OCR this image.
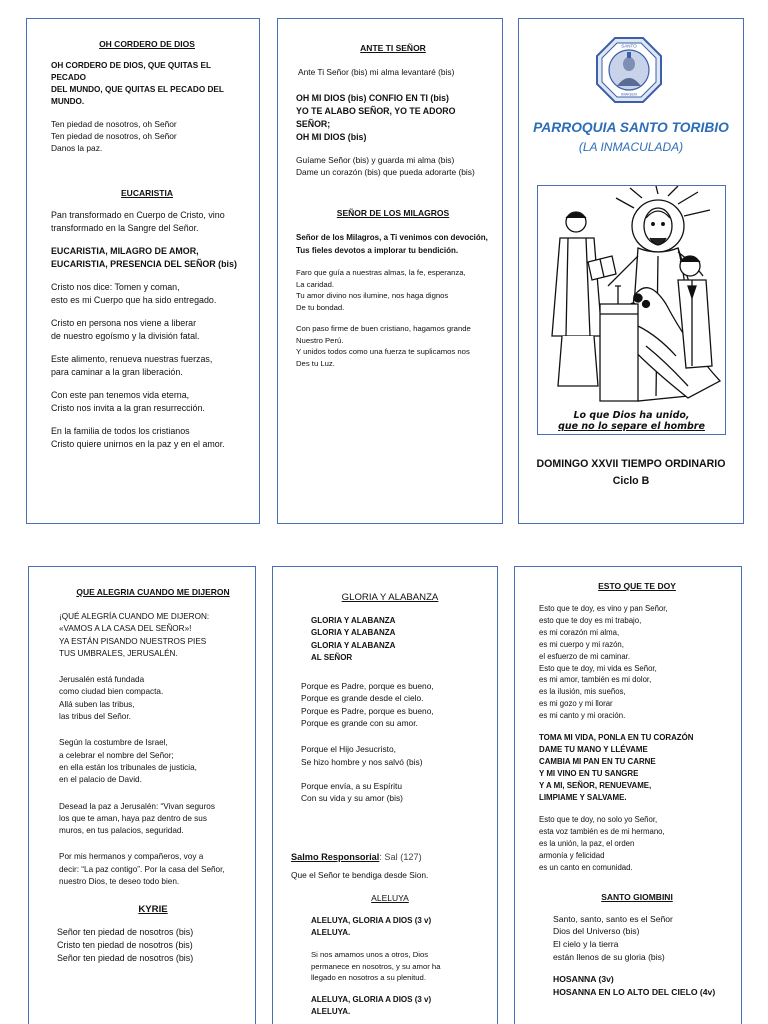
OH CORDERO DE DIOS
OH CORDERO DE DIOS, QUE QUITAS EL PECADO
DEL MUNDO, QUE QUITAS EL PECADO DEL
MUNDO.
Ten piedad de nosotros, oh Señor
Ten piedad de nosotros, oh Señor
Danos la paz.
EUCARISTIA
Pan transformado en Cuerpo de Cristo, vino
transformado en la Sangre del Señor.
EUCARISTIA, MILAGRO DE AMOR,
EUCARISTIA, PRESENCIA DEL SEÑOR (bis)
Cristo nos dice: Tomen y coman,
esto es mi Cuerpo que ha sido entregado.
Cristo en persona nos viene a liberar
de nuestro egoísmo y la división fatal.
Este alimento, renueva nuestras fuerzas,
para caminar a la gran liberación.
Con este pan tenemos vida eterna,
Cristo nos invita a la gran resurrección.
En la familia de todos los cristianos
Cristo quiere unirnos en la paz y en el amor.
ANTE TI SEÑOR
Ante Ti Señor (bis) mi alma levantaré (bis)
OH MI DIOS (bis) CONFIO EN TI (bis)
YO TE ALABO SEÑOR, YO TE ADORO SEÑOR;
OH MI DIOS (bis)
Guíame Señor (bis) y guarda mi alma (bis)
Dame un corazón (bis) que pueda adorarte (bis)
SEÑOR DE LOS MILAGROS
Señor de los Milagros, a Ti venimos con devoción,
Tus fieles devotos a implorar tu bendición.
Faro que guía a nuestras almas, la fe, esperanza,
La caridad.
Tu amor divino nos ilumine, nos haga dignos
De tu bondad.
Con paso firme de buen cristiano, hagamos grande
Nuestro Perú.
Y unidos todos como una fuerza te suplicamos nos
Des tu Luz.
SANTO
IMAGEN
PARROQUIA SANTO TORIBIO
(LA INMACULADA)
Lo que Dios ha unido,
que no lo separe el hombre
DOMINGO XXVII TIEMPO ORDINARIO
Ciclo B
QUE ALEGRIA CUANDO ME DIJERON
¡QUÉ ALEGRÍA CUANDO ME DIJERON:
«VAMOS A LA CASA DEL SEÑOR»!
YA ESTÁN PISANDO NUESTROS PIES
TUS UMBRALES, JERUSALÉN.
Jerusalén está fundada
como ciudad bien compacta.
Allá suben las tribus,
las tribus del Señor.
Según la costumbre de Israel,
a celebrar el nombre del Señor;
en ella están los tribunales de justicia,
en el palacio de David.
Desead la paz a Jerusalén: “Vivan seguros
los que te aman, haya paz dentro de sus
muros, en tus palacios, seguridad.
Por mis hermanos y compañeros, voy a
decir: “La paz contigo”. Por la casa del Señor,
nuestro Dios, te deseo todo bien.
KYRIE
Señor ten piedad de nosotros (bis)
Cristo ten piedad de nosotros (bis)
Señor ten piedad de nosotros (bis)
GLORIA Y ALABANZA
GLORIA Y ALABANZA
GLORIA Y ALABANZA
GLORIA Y ALABANZA
AL SEÑOR
Porque es Padre, porque es bueno,
Porque es grande desde el cielo.
Porque es Padre, porque es bueno,
Porque es grande con su amor.
Porque el Hijo Jesucristo,
Se hizo hombre y nos salvó (bis)
Porque envía, a su Espíritu
Con su vida y su amor (bis)

Salmo Responsorial: Sal (127)

Que el Señor te bendiga desde Sion.
ALELUYA
ALELUYA, GLORIA A DIOS (3 v)
ALELUYA.
Si nos amamos unos a otros, Dios
permanece en nosotros, y su amor ha
llegado en nosotros a su plenitud.
ALELUYA, GLORIA A DIOS (3 v)
ALELUYA.
ESTO QUE TE DOY
Esto que te doy, es vino y pan Señor,
esto que te doy es mi trabajo,
es mi corazón mi alma,
es mi cuerpo y mi razón,
el esfuerzo de mi caminar.
Esto que te doy, mi vida es Señor,
es mi amor, también es mi dolor,
es la ilusión, mis sueños,
es mi gozo y mi llorar
es mi canto y mi oración.
TOMA MI VIDA, PONLA EN TU CORAZÓN
DAME TU MANO Y LLÉVAME
CAMBIA MI PAN EN TU CARNE
Y MI VINO EN TU SANGRE
Y A MI, SEÑOR, RENUEVAME,
LIMPIAME Y SALVAME.
Esto que te doy, no solo yo Señor,
esta voz también es de mi hermano,
es la unión, la paz, el orden
armonía y felicidad
es un canto en comunidad.
SANTO GIOMBINI
Santo, santo, santo es el Señor
Dios del Universo (bis)
El cielo y la tierra
están llenos de su gloria (bis)
HOSANNA (3v)
HOSANNA EN LO ALTO DEL CIELO (4v)
